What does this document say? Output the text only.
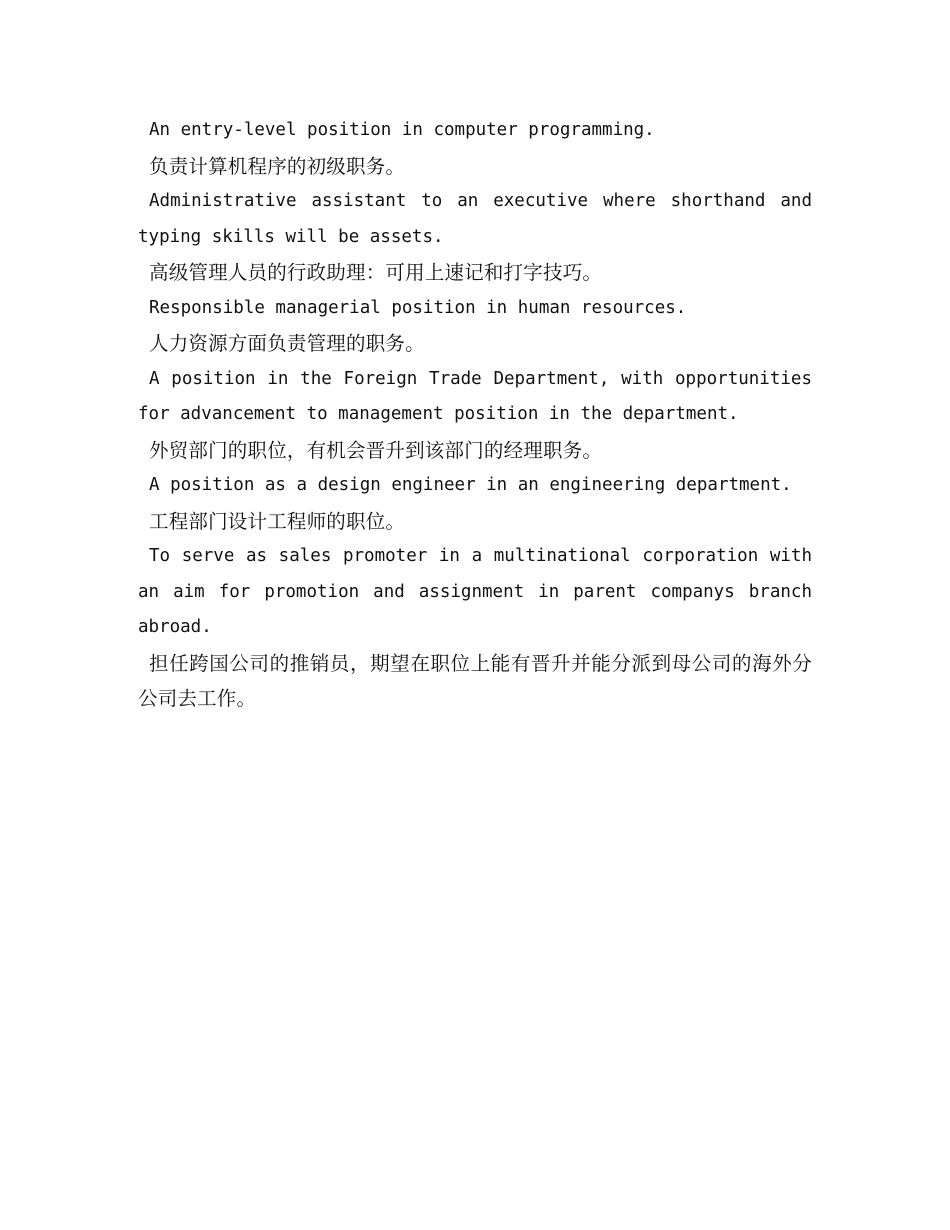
An entry-level position in computer programming.

负责计算机程序的初级职务。

Administrative assistant to an executive where shorthand and typing skills will be assets.

高级管理人员的行政助理：可用上速记和打字技巧。

Responsible managerial position in human resources.

人力资源方面负责管理的职务。

A position in the Foreign Trade Department, with opportunities for advancement to management position in the department.

外贸部门的职位，有机会晋升到该部门的经理职务。

A position as a design engineer in an engineering department.

工程部门设计工程师的职位。

To serve as sales promoter in a multinational corporation with an aim for promotion and assignment in parent companys branch abroad.

担任跨国公司的推销员，期望在职位上能有晋升并能分派到母公司的海外分公司去工作。
